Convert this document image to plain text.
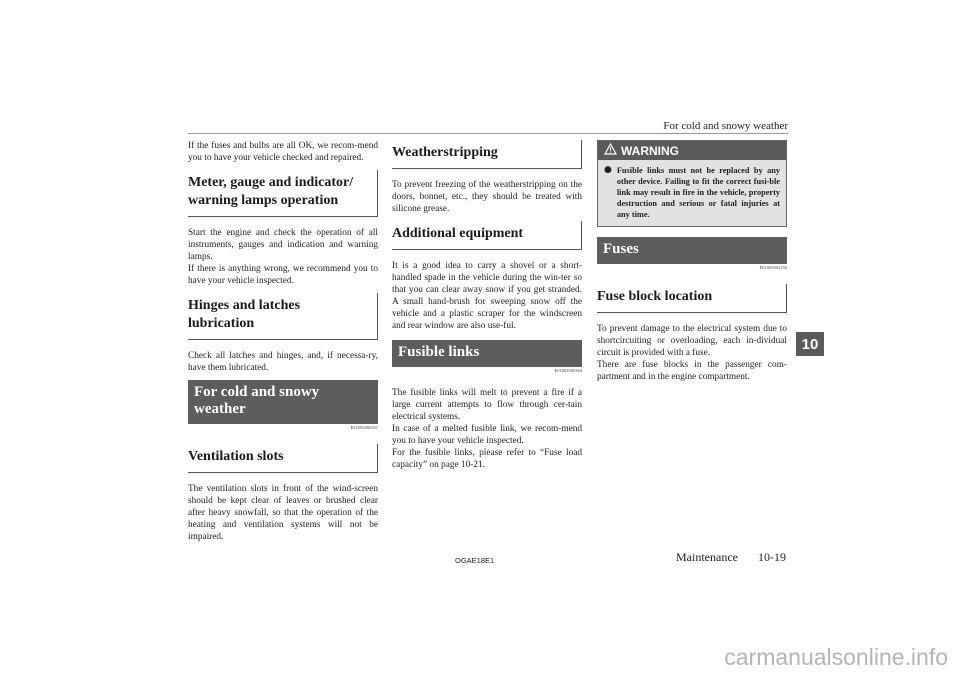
For cold and snowy weather

If the fuses and bulbs are all OK, we recom-mend you to have your vehicle checked and repaired.

Meter, gauge and indicator/ warning lamps operation

Start the engine and check the operation of all instruments, gauges and indication and warning lamps.

If there is anything wrong, we recommend you to have your vehicle inspected.

Hinges and latches lubrication

Check all latches and hinges, and, if necessa-ry, have them lubricated.

For cold and snowy weather
E01002800361
Ventilation slots

The ventilation slots in front of the wind-screen should be kept clear of leaves or brushed clear after heavy snowfall, so that the operation of the heating and ventilation systems will not be impaired.

Weatherstripping

To prevent freezing of the weatherstripping on the doors, bonnet, etc., they should be treated with silicone grease.

Additional equipment

It is a good idea to carry a shovel or a short-handled spade in the vehicle during the win-ter so that you can clear away snow if you get stranded. A small hand-brush for sweeping snow off the vehicle and a plastic scraper for the windscreen and rear window are also use-ful.

Fusible links
E01002900364

The fusible links will melt to prevent a fire if a large current attempts to flow through cer-tain electrical systems.

In case of a melted fusible link, we recom-mend you to have your vehicle inspected.

For the fusible links, please refer to “Fuse load capacity” on page 10-21.

WARNING
● Fusible links must not be replaced by any other device. Failing to fit the correct fusi-ble link may result in fire in the vehicle, property destruction and serious or fatal injuries at any time.
Fuses
E01003002250
Fuse block location

To prevent damage to the electrical system due to shortcircuiting or overloading, each in-dividual circuit is provided with a fuse.

There are fuse blocks in the passenger com-partment and in the engine compartment.

10
OGAE18E1	Maintenance 10-19
carmanualsonline.info
